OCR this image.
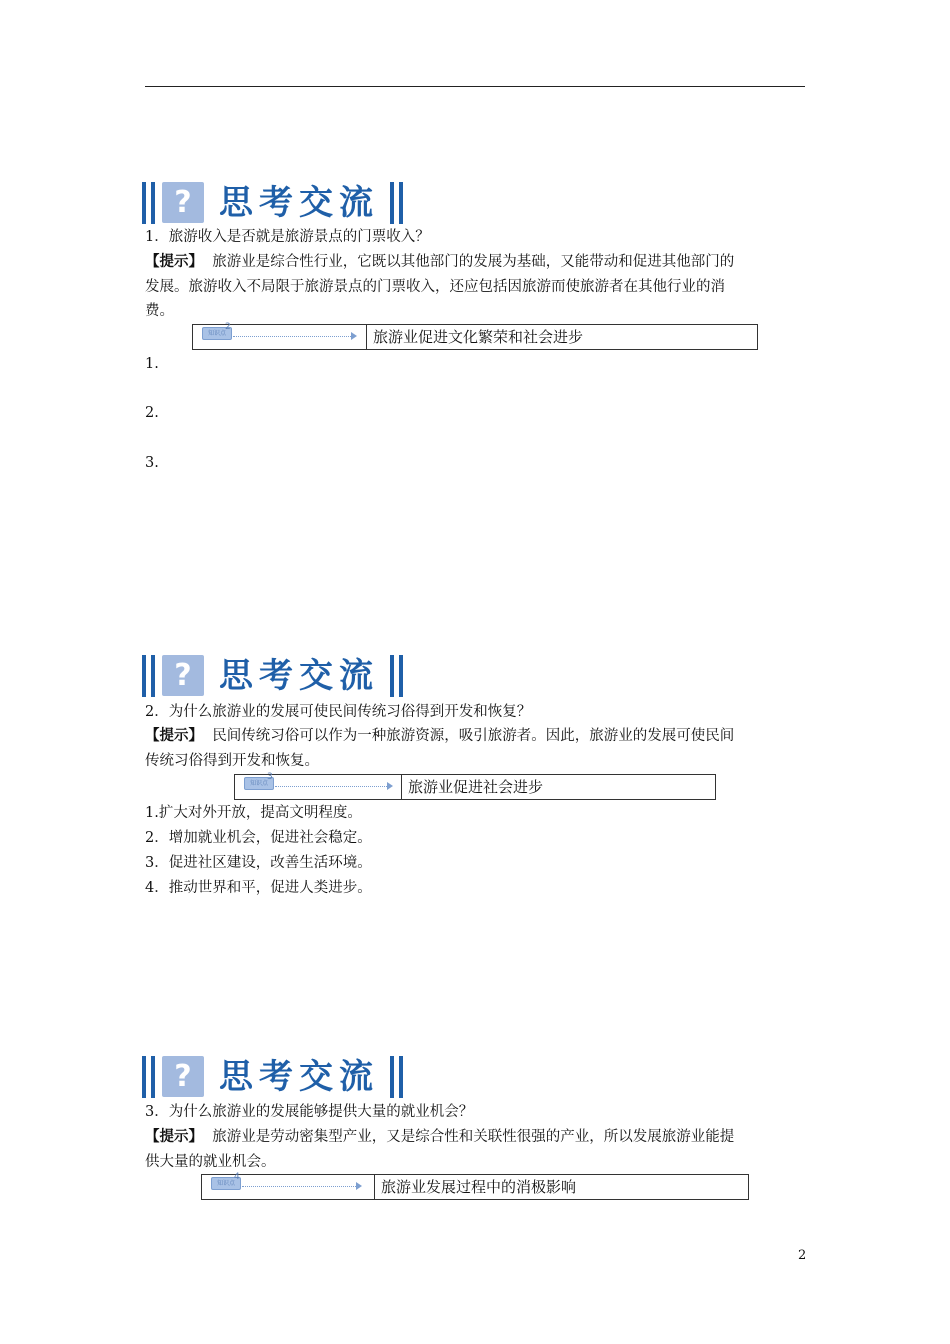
? 思考交流
1．旅游收入是否就是旅游景点的门票收入？
【提示】 旅游业是综合性行业，它既以其他部门的发展为基础，又能带动和促进其他部门的
发展。旅游收入不局限于旅游景点的门票收入，还应包括因旅游而使旅游者在其他行业的消
费。
知识点
2
旅游业促进文化繁荣和社会进步
1.
2.
3.
? 思考交流
2．为什么旅游业的发展可使民间传统习俗得到开发和恢复？
【提示】 民间传统习俗可以作为一种旅游资源，吸引旅游者。因此，旅游业的发展可使民间
传统习俗得到开发和恢复。
知识点
3
旅游业促进社会进步
1.扩大对外开放，提高文明程度。
2．增加就业机会，促进社会稳定。
3．促进社区建设，改善生活环境。
4．推动世界和平，促进人类进步。
? 思考交流
3．为什么旅游业的发展能够提供大量的就业机会？
【提示】 旅游业是劳动密集型产业，又是综合性和关联性很强的产业，所以发展旅游业能提
供大量的就业机会。
知识点
4
旅游业发展过程中的消极影响
2
